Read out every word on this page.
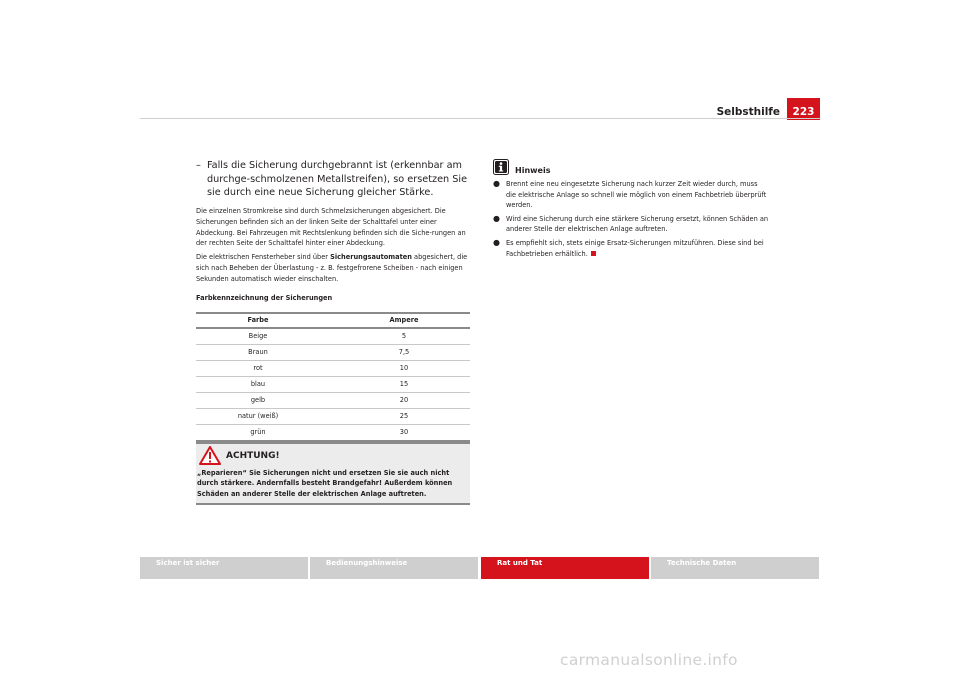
Selbsthilfe	223
– Falls die Sicherung durchgebrannt ist (erkennbar am durchge-schmolzenen Metallstreifen), so ersetzen Sie sie durch eine neue Sicherung gleicher Stärke.
Die einzelnen Stromkreise sind durch Schmelzsicherungen abgesichert. Die Sicherungen befinden sich an der linken Seite der Schalttafel unter einer Abdeckung. Bei Fahrzeugen mit Rechtslenkung befinden sich die Siche-rungen an der rechten Seite der Schalttafel hinter einer Abdeckung.
Die elektrischen Fensterheber sind über Sicherungsautomaten abgesichert, die sich nach Beheben der Überlastung - z. B. festgefrorene Scheiben - nach einigen Sekunden automatisch wieder einschalten.
Farbkennzeichnung der Sicherungen
Farbe	Ampere
Beige	5
Braun	7,5
rot	10
blau	15
gelb	20
natur (weiß)	25
grün	30
ACHTUNG!
„Reparieren“ Sie Sicherungen nicht und ersetzen Sie sie auch nicht durch stärkere. Andernfalls besteht Brandgefahr! Außerdem können Schäden an anderer Stelle der elektrischen Anlage auftreten.
Hinweis
● Brennt eine neu eingesetzte Sicherung nach kurzer Zeit wieder durch, muss die elektrische Anlage so schnell wie möglich von einem Fachbetrieb überprüft werden.
● Wird eine Sicherung durch eine stärkere Sicherung ersetzt, können Schäden an anderer Stelle der elektrischen Anlage auftreten.
● Es empfiehlt sich, stets einige Ersatz-Sicherungen mitzuführen. Diese sind bei Fachbetrieben erhältlich.
Sicher ist sicher	Bedienungshinweise	Rat und Tat	Technische Daten
carmanualsonline.info
